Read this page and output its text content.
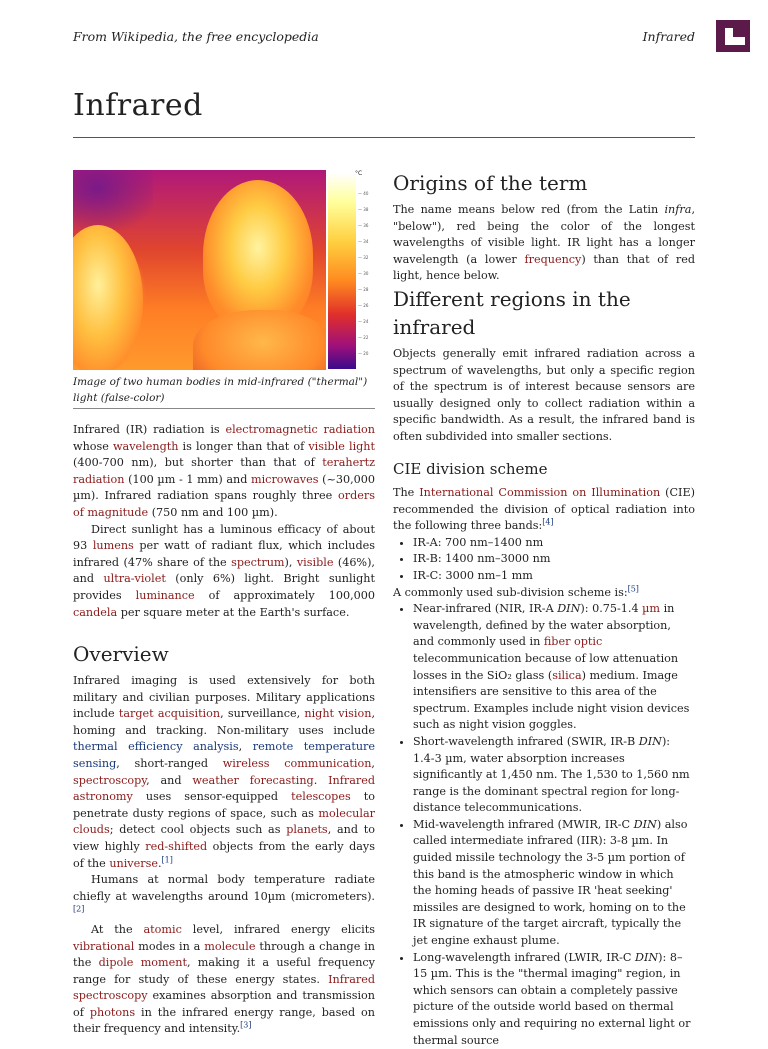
From Wikipedia, the free encyclopedia	Infrared
Infrared
°C
— 40
— 38
— 36
— 34
— 32
— 30
— 28
— 26
— 24
— 22
— 20
Image of two human bodies in mid-infrared ("thermal") light (false-color)

Infrared (IR) radiation is electromagnetic radiation whose wavelength is longer than that of visible light (400-700 nm), but shorter than that of terahertz radiation (100 µm - 1 mm) and microwaves (~30,000 µm). Infrared radiation spans roughly three orders of magnitude (750 nm and 100 µm).

Direct sunlight has a luminous efficacy of about 93 lumens per watt of radiant flux, which includes infrared (47% share of the spectrum), visible (46%), and ultra-violet (only 6%) light. Bright sunlight provides luminance of approximately 100,000 candela per square meter at the Earth's surface.

Overview

Infrared imaging is used extensively for both military and civilian purposes. Military applications include target acquisition, surveillance, night vision, homing and tracking. Non-military uses include thermal efficiency analysis, remote temperature sensing, short-ranged wireless communication, spectroscopy, and weather forecasting. Infrared astronomy uses sensor-equipped telescopes to penetrate dusty regions of space, such as molecular clouds; detect cool objects such as planets, and to view highly red-shifted objects from the early days of the universe.[1]

Humans at normal body temperature radiate chiefly at wavelengths around 10µm (micrometers).[2]

At the atomic level, infrared energy elicits vibrational modes in a molecule through a change in the dipole moment, making it a useful frequency range for study of these energy states. Infrared spectroscopy examines absorption and transmission of photons in the infrared energy range, based on their frequency and intensity.[3]

Origins of the term

The name means below red (from the Latin infra, "below"), red being the color of the longest wavelengths of visible light. IR light has a longer wavelength (a lower frequency) than that of red light, hence below.

Different regions in the infrared

Objects generally emit infrared radiation across a spectrum of wavelengths, but only a specific region of the spectrum is of interest because sensors are usually designed only to collect radiation within a specific bandwidth. As a result, the infrared band is often subdivided into smaller sections.

CIE division scheme

The International Commission on Illumination (CIE) recommended the division of optical radiation into the following three bands:[4]

• IR-A: 700 nm–1400 nm
• IR-B: 1400 nm–3000 nm
• IR-C: 3000 nm–1 mm

A commonly used sub-division scheme is:[5]

• Near-infrared (NIR, IR-A DIN): 0.75-1.4 µm in wavelength, defined by the water absorption, and commonly used in fiber optic telecommunication because of low attenuation losses in the SiO₂ glass (silica) medium. Image intensifiers are sensitive to this area of the spectrum. Examples include night vision devices such as night vision goggles.
• Short-wavelength infrared (SWIR, IR-B DIN): 1.4-3 µm, water absorption increases significantly at 1,450 nm. The 1,530 to 1,560 nm range is the dominant spectral region for long-distance telecommunications.
• Mid-wavelength infrared (MWIR, IR-C DIN) also called intermediate infrared (IIR): 3-8 µm. In guided missile technology the 3-5 µm portion of this band is the atmospheric window in which the homing heads of passive IR 'heat seeking' missiles are designed to work, homing on to the IR signature of the target aircraft, typically the jet engine exhaust plume.
• Long-wavelength infrared (LWIR, IR-C DIN): 8–15 µm. This is the "thermal imaging" region, in which sensors can obtain a completely passive picture of the outside world based on thermal emissions only and requiring no external light or thermal source
